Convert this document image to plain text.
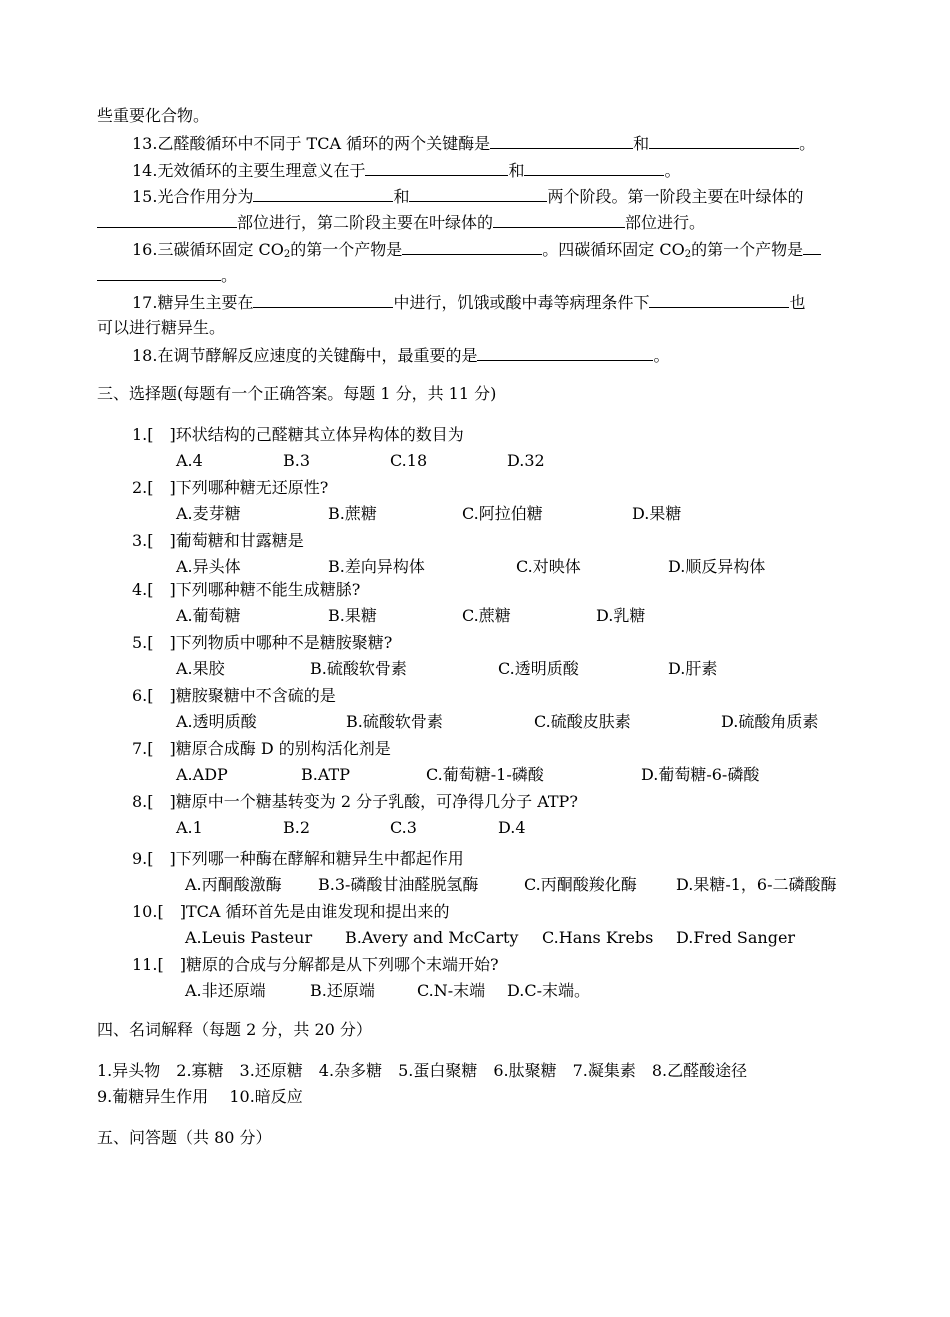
些重要化合物。
13.乙醛酸循环中不同于 TCA 循环的两个关键酶是	和	。
14.无效循环的主要生理意义在于	和	。
15.光合作用分为	和	两个阶段。第一阶段主要在叶绿体的
部位进行，第二阶段主要在叶绿体的	部位进行。
16.三碳循环固定 $CO_2$的第一个产物是	。四碳循环固定 $CO_2$的第一个产物是
。
17.糖异生主要在	中进行，饥饿或酸中毒等病理条件下	也
可以进行糖异生。
18.在调节酵解反应速度的关键酶中，最重要的是	。
三、选择题(每题有一个正确答案。每题 1 分，共 11 分)
1.[　]环状结构的己醛糖其立体异构体的数目为
A.4	B.3	C.18	D.32
2.[　]下列哪种糖无还原性?
A.麦芽糖	B.蔗糖	C.阿拉伯糖	D.果糖
3.[　]葡萄糖和甘露糖是
A.异头体	B.差向异构体	C.对映体	D.顺反异构体
4.[　]下列哪种糖不能生成糖脎?
A.葡萄糖	B.果糖	C.蔗糖	D.乳糖
5.[　]下列物质中哪种不是糖胺聚糖?
A.果胶	B.硫酸软骨素	C.透明质酸	D.肝素
6.[　]糖胺聚糖中不含硫的是
A.透明质酸	B.硫酸软骨素	C.硫酸皮肤素	D.硫酸角质素
7.[　]糖原合成酶 D 的别构活化剂是
A.ADP	B.ATP	C.葡萄糖-1-磷酸	D.葡萄糖-6-磷酸
8.[　]糖原中一个糖基转变为 2 分子乳酸，可净得几分子 ATP?
A.1	B.2	C.3	D.4
9.[　]下列哪一种酶在酵解和糖异生中都起作用
A.丙酮酸激酶 B.3-磷酸甘油醛脱氢酶	C.丙酮酸羧化酶 D.果糖-1，6-二磷酸酶
10.[　]TCA 循环首先是由谁发现和提出来的
A.Leuis Pasteur B.Avery and McCarty C.Hans Krebs D.Fred Sanger
11.[　]糖原的合成与分解都是从下列哪个末端开始?
A.非还原端	B.还原端	C.N-末端 D.C-末端。
四、名词解释（每题 2 分，共 20 分）
1.异头物　2.寡糖　3.还原糖　4.杂多糖　5.蛋白聚糖　6.肽聚糖　7.凝集素　8.乙醛酸途径
9.葡糖异生作用　 10.暗反应
五、问答题（共 80 分）
